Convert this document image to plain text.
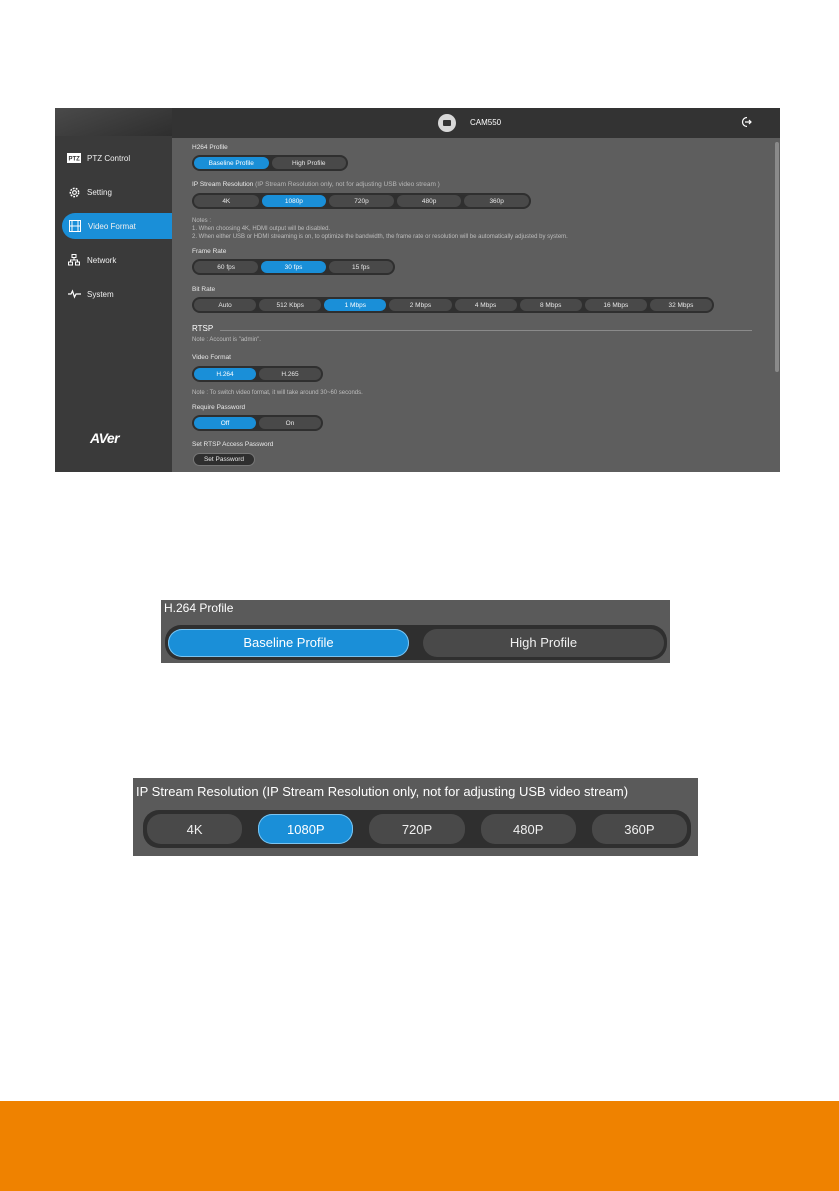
PTZ PTZ Control
Setting
Video Format
Network
System
AVer
CAM550
H264 Profile
Baseline Profile	High Profile
IP Stream Resolution (IP Stream Resolution only, not for adjusting USB video stream )
4K	1080p	720p	480p	360p
Notes :
1. When choosing 4K, HDMI output will be disabled.
2. When either USB or HDMI streaming is on, to optimize the bandwidth, the frame rate or resolution will be automatically adjusted by system.
Frame Rate
60 fps	30 fps	15 fps
Bit Rate
Auto	512 Kbps	1 Mbps	2 Mbps	4 Mbps	8 Mbps	16 Mbps	32 Mbps
RTSP
Note : Account is "admin".
Video Format
H.264	H.265
Note : To switch video format, it will take around 30~60 seconds.
Require Password
Off	On
Set RTSP Access Password
Set Password
H.264 Profile
Baseline Profile	High Profile
IP Stream Resolution (IP Stream Resolution only, not for adjusting USB video stream)
4K	1080P	720P	480P	360P
